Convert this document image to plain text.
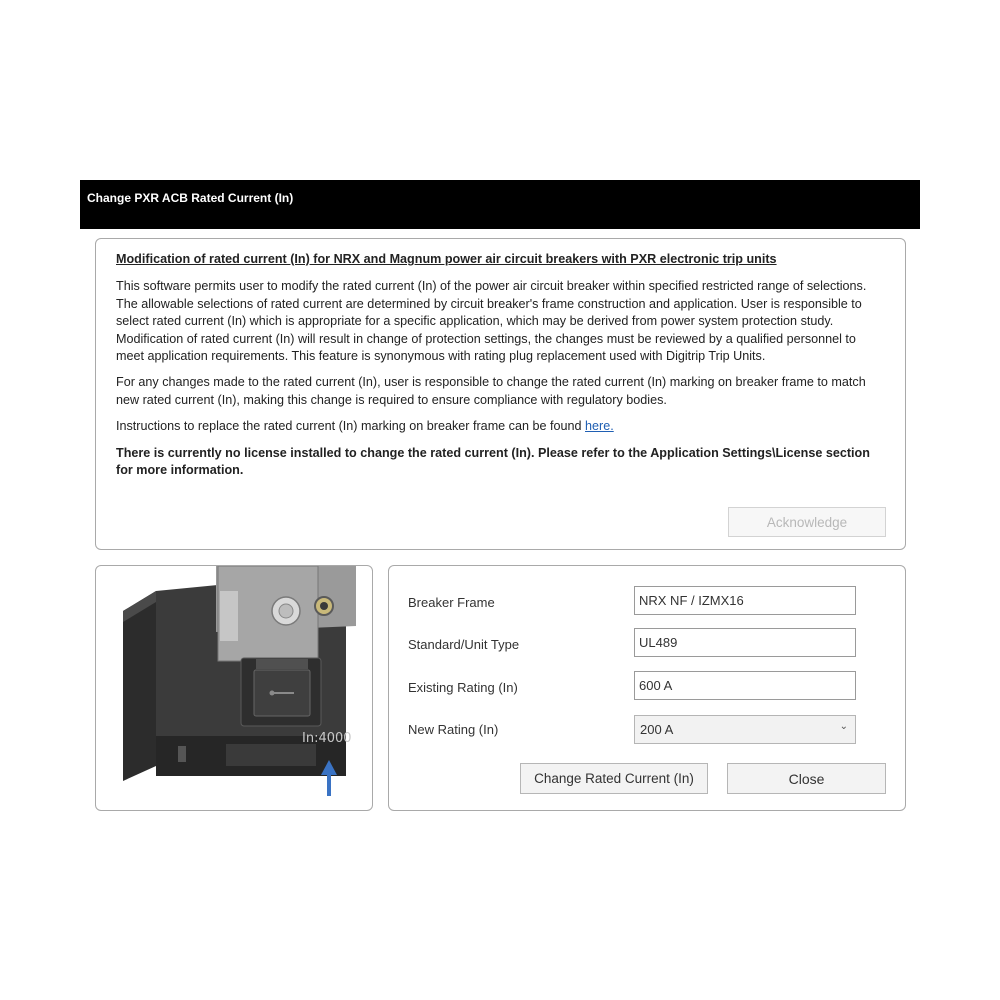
Change PXR ACB Rated Current (In)
Modification of rated current (In) for NRX and Magnum power air circuit breakers with PXR electronic trip units

This software permits user to modify the rated current (In) of the power air circuit breaker within specified restricted range of selections. The allowable selections of rated current are determined by circuit breaker's frame construction and application. User is responsible to select rated current (In) which is appropriate for a specific application, which may be derived from power system protection study. Modification of rated current (In) will result in change of protection settings, the changes must be reviewed by a qualified personnel to meet application requirements. This feature is synonymous with rating plug replacement used with Digitrip Trip Units.

For any changes made to the rated current (In), user is responsible to change the rated current (In) marking on breaker frame to match new rated current (In), making this change is required to ensure compliance with regulatory bodies.

Instructions to replace the rated current (In) marking on breaker frame can be found here.

There is currently no license installed to change the rated current (In). Please refer to the Application Settings\License section for more information.

Acknowledge
In:4000
Breaker Frame	NRX NF / IZMX16
Standard/Unit Type	UL489
Existing Rating (In)	600 A
New Rating (In)	200 A	⌄
Change Rated Current (In)	Close
